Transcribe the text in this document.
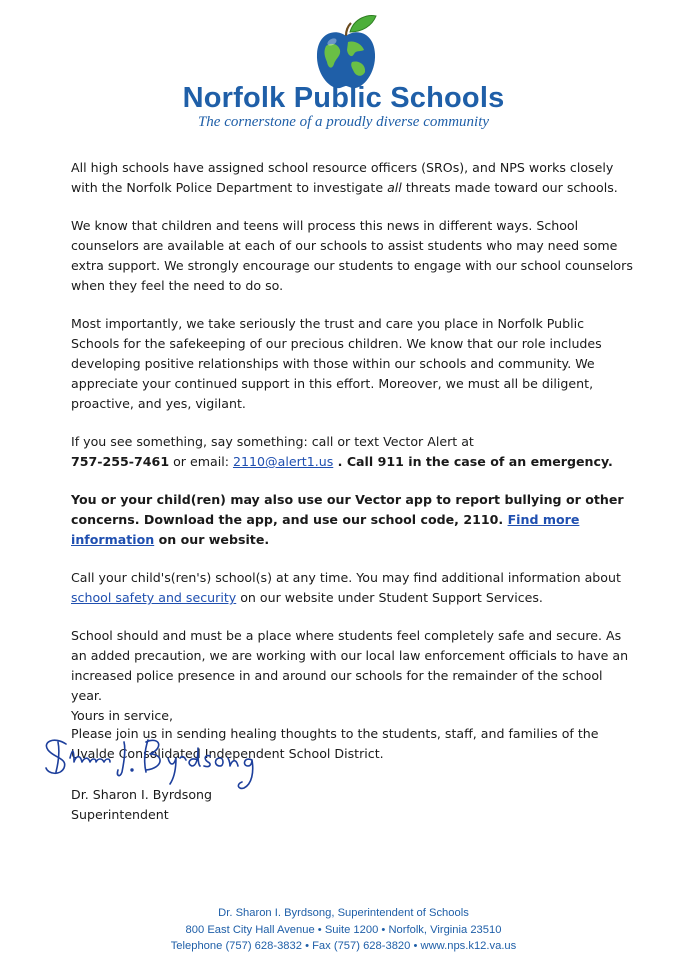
Norfolk Public Schools
The cornerstone of a proudly diverse community

All high schools have assigned school resource officers (SROs), and NPS works closely with the Norfolk Police Department to investigate all threats made toward our schools.

We know that children and teens will process this news in different ways. School counselors are available at each of our schools to assist students who may need some extra support. We strongly encourage our students to engage with our school counselors when they feel the need to do so.

Most importantly, we take seriously the trust and care you place in Norfolk Public Schools for the safekeeping of our precious children. We know that our role includes developing positive relationships with those within our schools and community. We appreciate your continued support in this effort. Moreover, we must all be diligent, proactive, and yes, vigilant.

If you see something, say something: call or text Vector Alert at
757-255-7461 or email: 2110@alert1.us . Call 911 in the case of an emergency.

You or your child(ren) may also use our Vector app to report bullying or other concerns. Download the app, and use our school code, 2110. Find more information on our website.

Call your child's(ren's) school(s) at any time. You may find additional information about school safety and security on our website under Student Support Services.

School should and must be a place where students feel completely safe and secure. As an added precaution, we are working with our local law enforcement officials to have an increased police presence in and around our schools for the remainder of the school year.

Please join us in sending healing thoughts to the students, staff, and families of the Uvalde Consolidated Independent School District.

Yours in service,
Dr. Sharon I. Byrdsong
Superintendent
Dr. Sharon I. Byrdsong, Superintendent of Schools
800 East City Hall Avenue • Suite 1200 • Norfolk, Virginia 23510
Telephone (757) 628-3832 • Fax (757) 628-3820 • www.nps.k12.va.us
